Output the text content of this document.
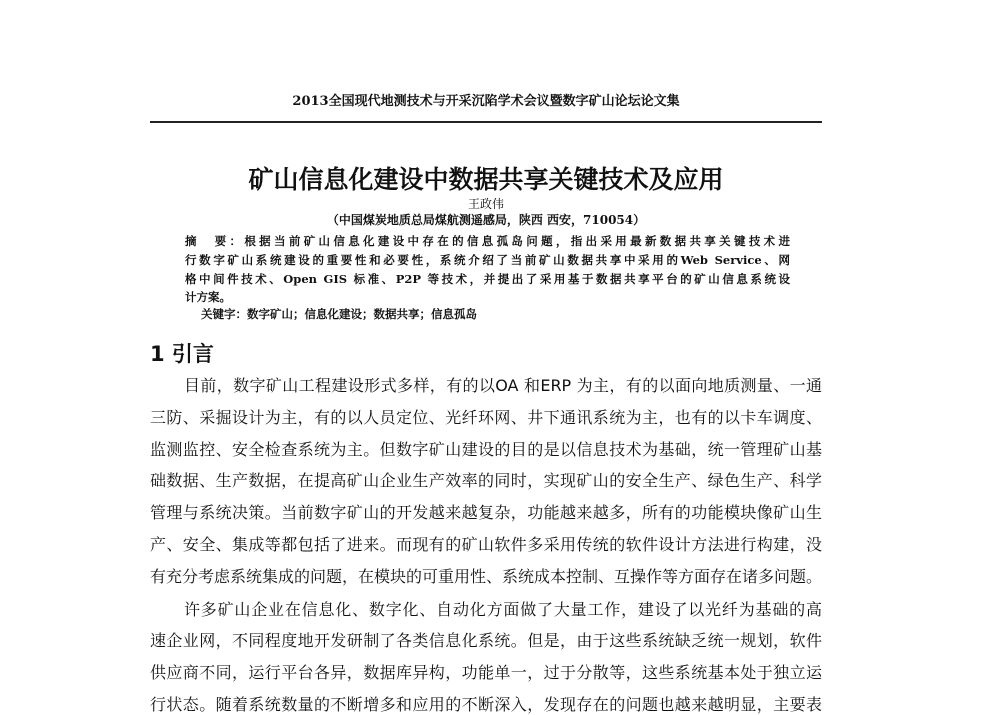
2013全国现代地测技术与开采沉陷学术会议暨数字矿山论坛论文集
矿山信息化建设中数据共享关键技术及应用
王政伟
（中国煤炭地质总局煤航测遥感局，陕西 西安，710054）
摘　要：根据当前矿山信息化建设中存在的信息孤岛问题，指出采用最新数据共享关键技术进
行数字矿山系统建设的重要性和必要性，系统介绍了当前矿山数据共享中采用的Web Service、网
格中间件技术、Open GIS 标准、P2P 等技术，并提出了采用基于数据共享平台的矿山信息系统设
计方案。
关键字：数字矿山；信息化建设；数据共享；信息孤岛
1 引言
目前，数字矿山工程建设形式多样，有的以OA 和ERP 为主，有的以面向地质测量、一通
三防、采掘设计为主，有的以人员定位、光纤环网、井下通讯系统为主，也有的以卡车调度、
监测监控、安全检查系统为主。但数字矿山建设的目的是以信息技术为基础，统一管理矿山基
础数据、生产数据，在提高矿山企业生产效率的同时，实现矿山的安全生产、绿色生产、科学
管理与系统决策。当前数字矿山的开发越来越复杂，功能越来越多，所有的功能模块像矿山生
产、安全、集成等都包括了进来。而现有的矿山软件多采用传统的软件设计方法进行构建，没
有充分考虑系统集成的问题，在模块的可重用性、系统成本控制、互操作等方面存在诸多问题。
许多矿山企业在信息化、数字化、自动化方面做了大量工作，建设了以光纤为基础的高
速企业网，不同程度地开发研制了各类信息化系统。但是，由于这些系统缺乏统一规划，软件
供应商不同，运行平台各异，数据库异构，功能单一，过于分散等，这些系统基本处于独立运
行状态。随着系统数量的不断增多和应用的不断深入，发现存在的问题也越来越明显，主要表
